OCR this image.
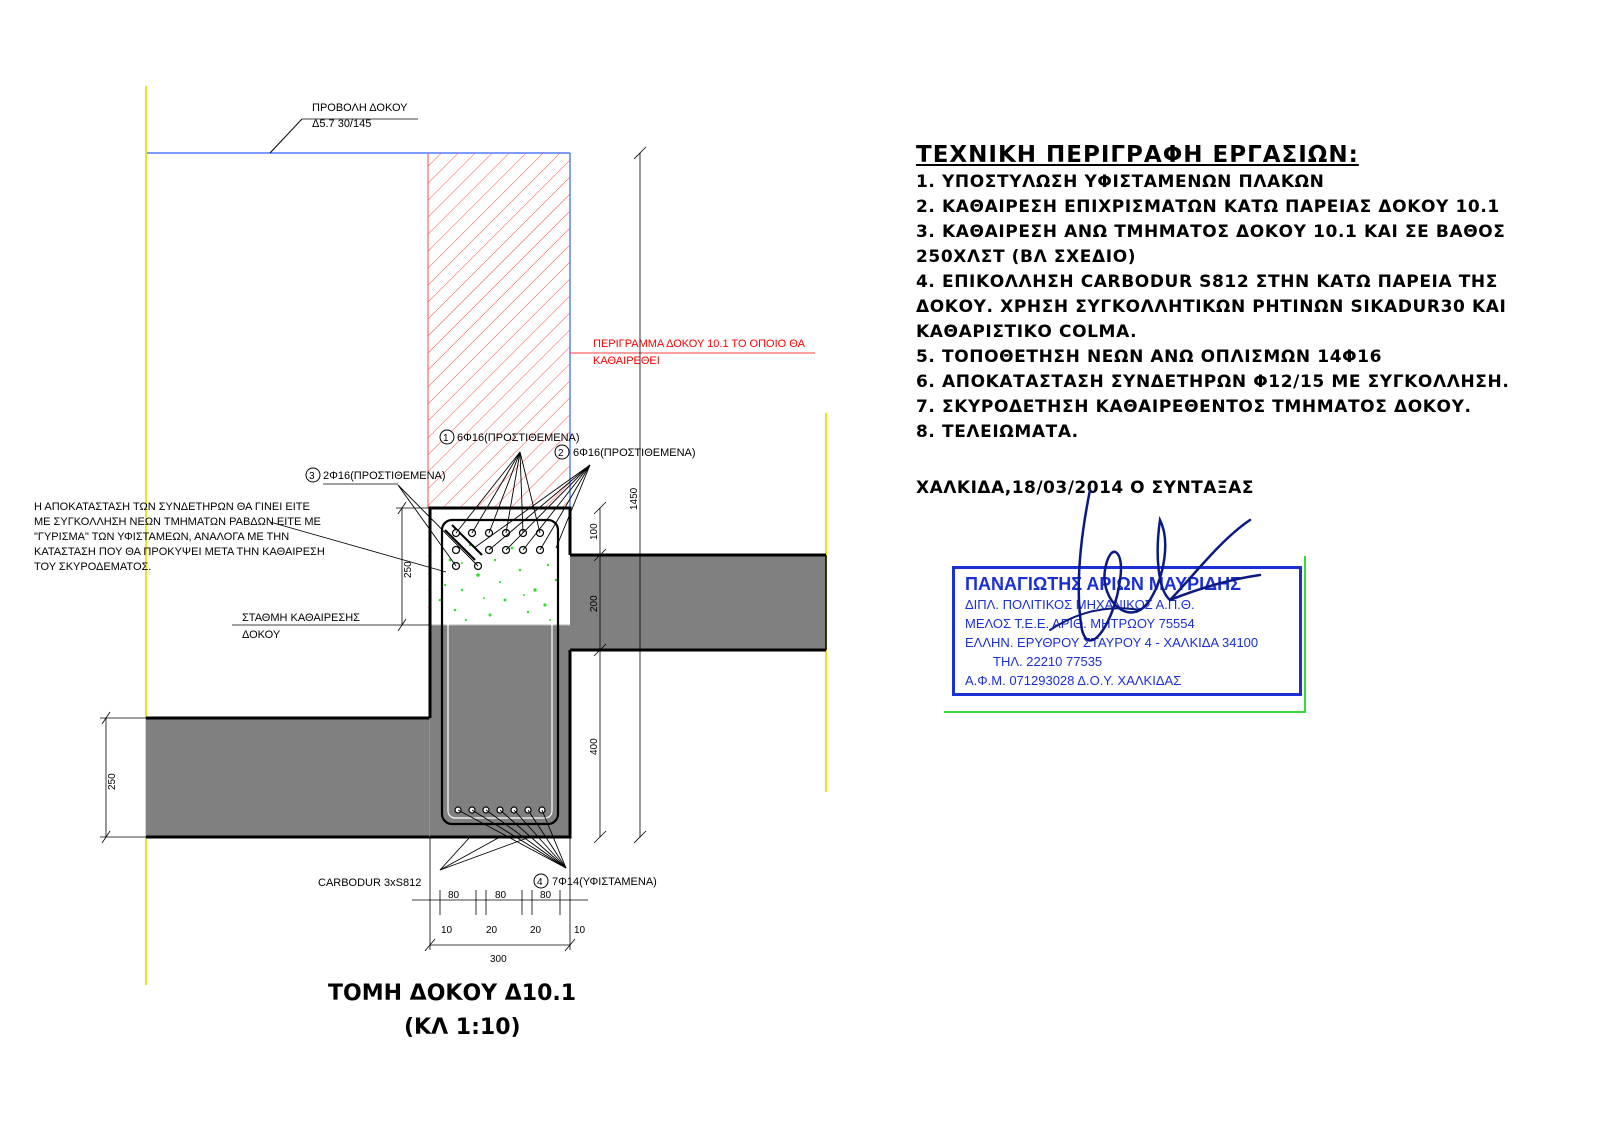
ΠΡΟΒΟΛΗ ΔΟΚΟΥ
Δ5.7 30/145
ΠΕΡΙΓΡΑΜΜΑ ΔΟΚΟΥ 10.1 ΤΟ ΟΠΟΙΟ ΘΑ
ΚΑΘΑΙΡΕΘΕΙ
1 6Φ16(ΠΡΟΣΤΙΘΕΜΕΝΑ)
2 6Φ16(ΠΡΟΣΤΙΘΕΜΕΝΑ)
3 2Φ16(ΠΡΟΣΤΙΘΕΜΕΝΑ)
Η ΑΠΟΚΑΤΑΣΤΑΣΗ ΤΩΝ ΣΥΝΔΕΤΗΡΩΝ ΘΑ ΓΙΝΕΙ ΕΙΤΕ
ΜΕ ΣΥΓΚΟΛΛΗΣΗ ΝΕΩΝ ΤΜΗΜΑΤΩΝ ΡΑΒΔΩΝ ΕΙΤΕ ΜΕ
"ΓΥΡΙΣΜΑ" ΤΩΝ ΥΦΙΣΤΑΜΕΩΝ, ΑΝΑΛΟΓΑ ΜΕ ΤΗΝ
ΚΑΤΑΣΤΑΣΗ ΠΟΥ ΘΑ ΠΡΟΚΥΨΕΙ ΜΕΤΑ ΤΗΝ ΚΑΘΑΙΡΕΣΗ
ΤΟΥ ΣΚΥΡΟΔΕΜΑΤΟΣ.
ΣΤΑΘΜΗ ΚΑΘΑΙΡΕΣΗΣ
ΔΟΚΟΥ
250
250
100
200
400
1450
CARBODUR 3xS812	4 7Φ14(ΥΦΙΣΤΑΜΕΝΑ)
80	80	80
10	20	20	10
300
ΤΟΜΗ ΔΟΚΟΥ Δ10.1
(ΚΛ 1:10)
ΤΕΧΝΙΚΗ ΠΕΡΙΓΡΑΦΗ ΕΡΓΑΣΙΩΝ:
1. ΥΠΟΣΤΥΛΩΣΗ ΥΦΙΣΤΑΜΕΝΩΝ ΠΛΑΚΩΝ
2. ΚΑΘΑΙΡΕΣΗ ΕΠΙΧΡΙΣΜΑΤΩΝ ΚΑΤΩ ΠΑΡΕΙΑΣ ΔΟΚΟΥ 10.1
3. ΚΑΘΑΙΡΕΣΗ ΑΝΩ ΤΜΗΜΑΤΟΣ ΔΟΚΟΥ 10.1 ΚΑΙ ΣΕ ΒΑΘΟΣ
250ΧΛΣΤ (ΒΛ ΣΧΕΔΙΟ)
4. ΕΠΙΚΟΛΛΗΣΗ CARBODUR S812 ΣΤΗΝ ΚΑΤΩ ΠΑΡΕΙΑ ΤΗΣ
ΔΟΚΟΥ. ΧΡΗΣΗ ΣΥΓΚΟΛΛΗΤΙΚΩΝ ΡΗΤΙΝΩΝ SIKADUR30 ΚΑΙ
ΚΑΘΑΡΙΣΤΙΚΟ COLMA.
5. ΤΟΠΟΘΕΤΗΣΗ ΝΕΩΝ ΑΝΩ ΟΠΛΙΣΜΩΝ 14Φ16
6. ΑΠΟΚΑΤΑΣΤΑΣΗ ΣΥΝΔΕΤΗΡΩΝ Φ12/15 ΜΕ ΣΥΓΚΟΛΛΗΣΗ.
7. ΣΚΥΡΟΔΕΤΗΣΗ ΚΑΘΑΙΡΕΘΕΝΤΟΣ ΤΜΗΜΑΤΟΣ ΔΟΚΟΥ.
8. ΤΕΛΕΙΩΜΑΤΑ.
ΧΑΛΚΙΔΑ,18/03/2014 Ο ΣΥΝΤΑΞΑΣ
ΠΑΝΑΓΙΩΤΗΣ ΑΡΙΩΝ ΜΑΥΡΙΔΗΣ
ΔΙΠΛ. ΠΟΛΙΤΙΚΟΣ ΜΗΧΑΝΙΚΟΣ Α.Π.Θ.
ΜΕΛΟΣ Τ.Ε.Ε. ΑΡΙΘ. ΜΗΤΡΩΟΥ 75554
ΕΛΛΗΝ. ΕΡΥΘΡΟΥ ΣΤΑΥΡΟΥ 4 - ΧΑΛΚΙΔΑ 34100
ΤΗΛ. 22210 77535
Α.Φ.Μ. 071293028 Δ.Ο.Υ. ΧΑΛΚΙΔΑΣ
